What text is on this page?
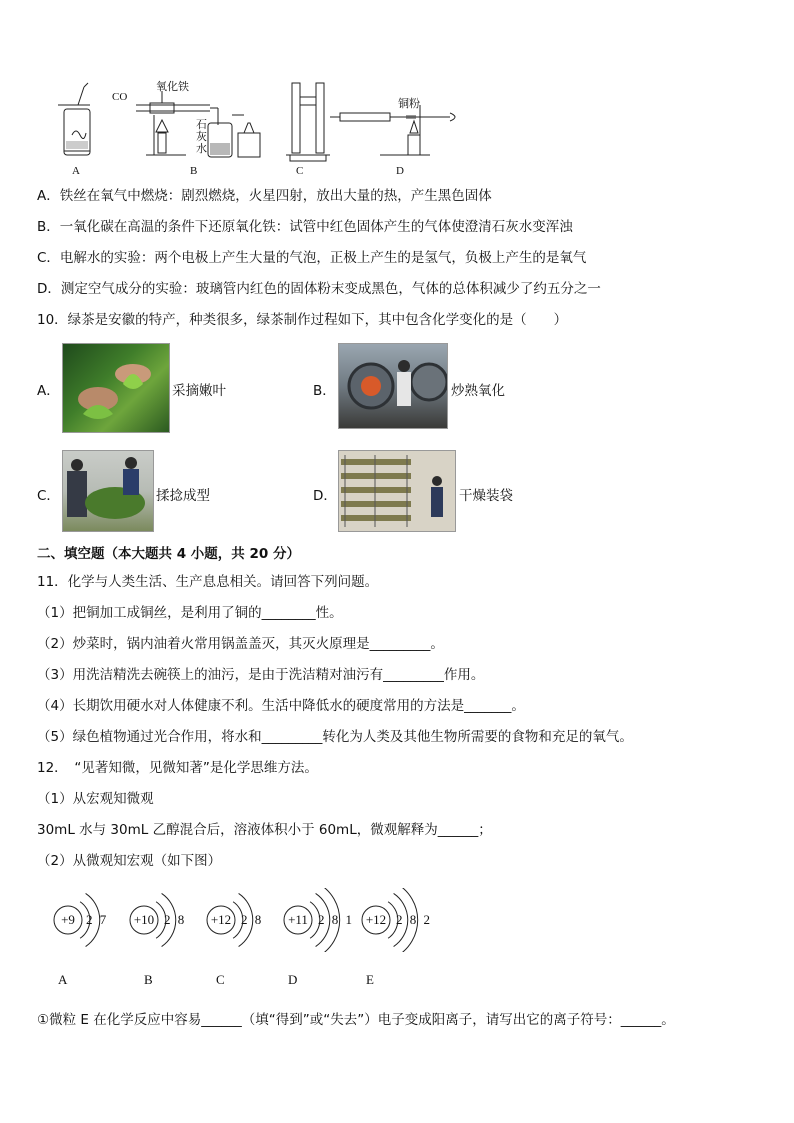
CO
氧化铁
石灰水
铜粉
A	B	C	D
A．铁丝在氧气中燃烧：剧烈燃烧，火星四射，放出大量的热，产生黑色固体
B．一氧化碳在高温的条件下还原氧化铁：试管中红色固体产生的气体使澄清石灰水变浑浊
C．电解水的实验：两个电极上产生大量的气泡，正极上产生的是氢气，负极上产生的是氧气
D．测定空气成分的实验：玻璃管内红色的固体粉末变成黑色，气体的总体积减少了约五分之一
10．绿茶是安徽的特产，种类很多，绿茶制作过程如下，其中包含化学变化的是（　　）
A．	采摘嫩叶	B．	炒熟氧化
C．	揉捻成型	D．	干燥装袋
二、填空题（本大题共 4 小题，共 20 分）
11．化学与人类生活、生产息息相关。请回答下列问题。
（1）把铜加工成铜丝，是利用了铜的________性。
（2）炒菜时，锅内油着火常用锅盖盖灭，其灭火原理是_________。
（3）用洗洁精洗去碗筷上的油污，是由于洗洁精对油污有_________作用。
（4）长期饮用硬水对人体健康不利。生活中降低水的硬度常用的方法是_______。
（5）绿色植物通过光合作用，将水和_________转化为人类及其他生物所需要的食物和充足的氧气。
12．　“见著知微，见微知著”是化学思维方法。
（1）从宏观知微观
30mL 水与 30mL 乙醇混合后，溶液体积小于 60mL，微观解释为______；
（2）从微观知宏观（如下图）
+9 2 7
A
+10 2 8
B
+12 2 8
C
+11 2 8 1
D
+12 2 8 2
E
①微粒 E 在化学反应中容易______（填“得到”或“失去”）电子变成阳离子，请写出它的离子符号：______。
